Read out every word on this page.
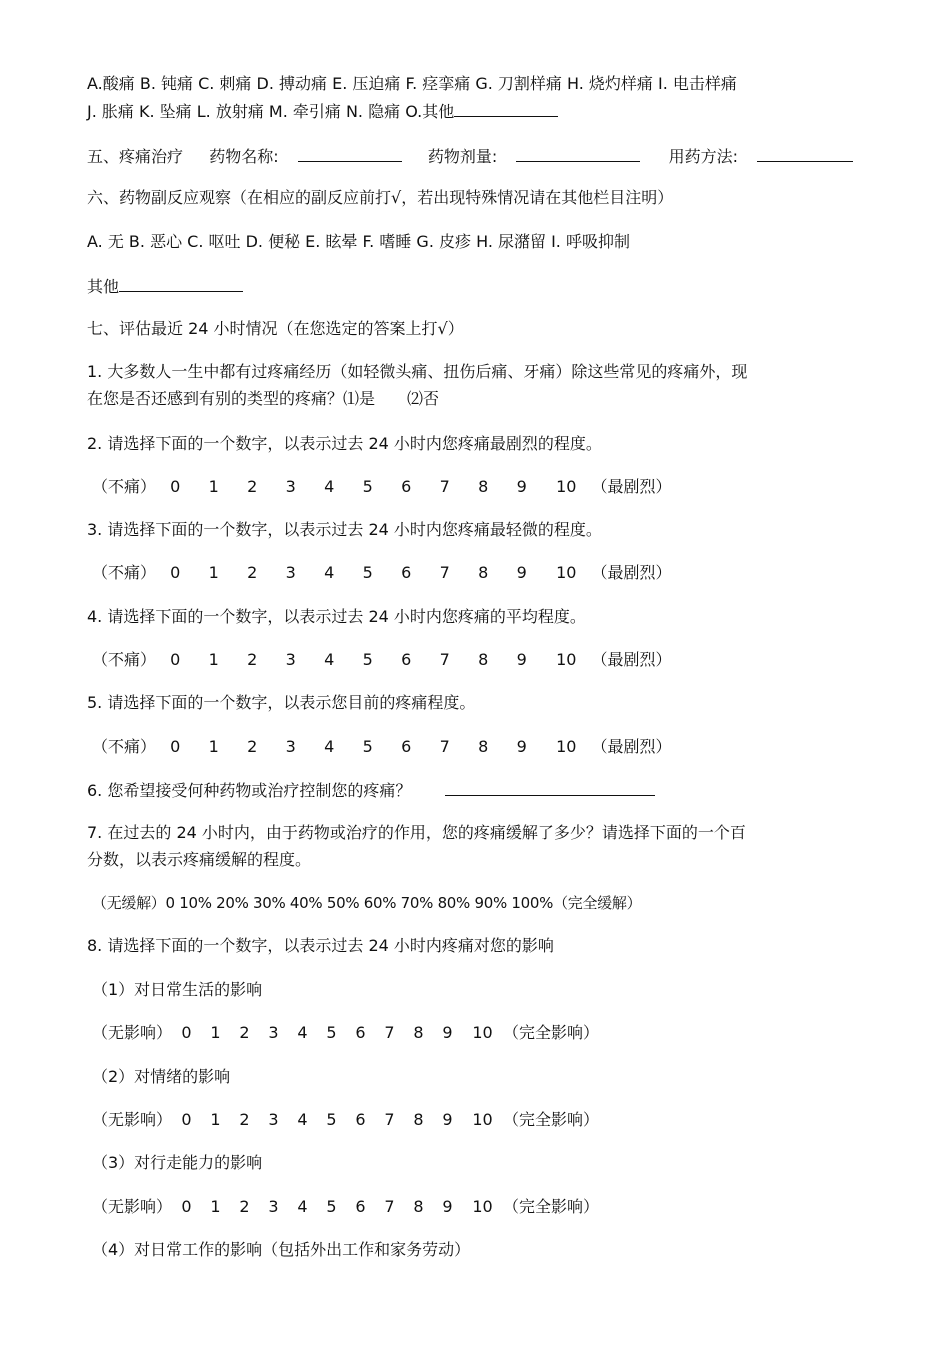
A.酸痛 B. 钝痛 C. 刺痛 D. 搏动痛 E. 压迫痛 F. 痉挛痛 G. 刀割样痛 H. 烧灼样痛 I. 电击样痛
J. 胀痛 K. 坠痛 L. 放射痛 M. 牵引痛 N. 隐痛 O.其他
五、疼痛治疗 药物名称:	药物剂量:	用药方法:
六、药物副反应观察（在相应的副反应前打√，若出现特殊情况请在其他栏目注明）
A. 无 B. 恶心 C. 呕吐 D. 便秘 E. 眩晕 F. 嗜睡 G. 皮疹 H. 尿潴留 I. 呼吸抑制
其他
七、评估最近 24 小时情况（在您选定的答案上打√）
1. 大多数人一生中都有过疼痛经历（如轻微头痛、扭伤后痛、牙痛）除这些常见的疼痛外，现
在您是否还感到有别的类型的疼痛？⑴是　　⑵否
2. 请选择下面的一个数字，以表示过去 24 小时内您疼痛最剧烈的程度。
（不痛） 0 1 2 3 4 5 6 7 8 9 10 （最剧烈）
3. 请选择下面的一个数字，以表示过去 24 小时内您疼痛最轻微的程度。
（不痛） 0 1 2 3 4 5 6 7 8 9 10 （最剧烈）
4. 请选择下面的一个数字，以表示过去 24 小时内您疼痛的平均程度。
（不痛） 0 1 2 3 4 5 6 7 8 9 10 （最剧烈）
5. 请选择下面的一个数字，以表示您目前的疼痛程度。
（不痛） 0 1 2 3 4 5 6 7 8 9 10 （最剧烈）
6. 您希望接受何种药物或治疗控制您的疼痛？
7. 在过去的 24 小时内，由于药物或治疗的作用，您的疼痛缓解了多少？请选择下面的一个百
分数，以表示疼痛缓解的程度。
（无缓解）0 10% 20% 30% 40% 50% 60% 70% 80% 90% 100%（完全缓解）
8. 请选择下面的一个数字，以表示过去 24 小时内疼痛对您的影响
（1）对日常生活的影响
（无影响） 0 1 2 3 4 5 6 7 8 9 10 （完全影响）
（2）对情绪的影响
（无影响） 0 1 2 3 4 5 6 7 8 9 10 （完全影响）
（3）对行走能力的影响
（无影响） 0 1 2 3 4 5 6 7 8 9 10 （完全影响）
（4）对日常工作的影响（包括外出工作和家务劳动）
